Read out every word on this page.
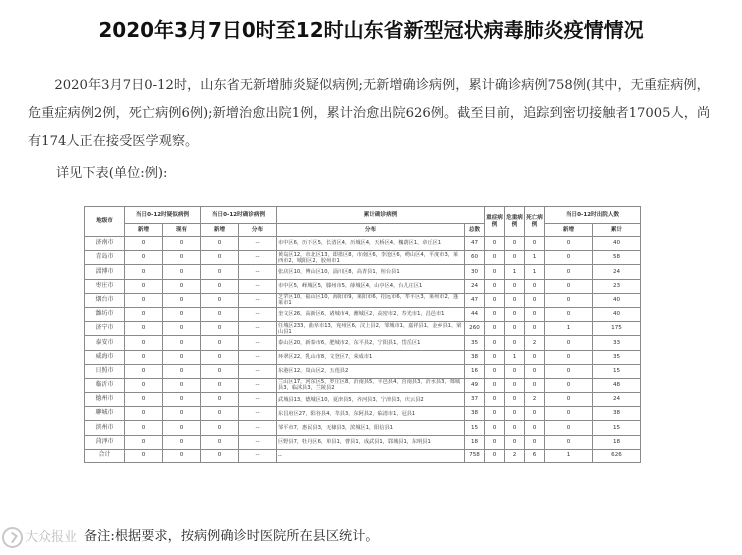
2020年3月7日0时至12时山东省新型冠状病毒肺炎疫情情况
2020年3月7日0-12时，山东省无新增肺炎疑似病例;无新增确诊病例，累计确诊病例758例(其中，无重症病例，危重症病例2例，死亡病例6例);新增治愈出院1例，累计治愈出院626例。截至目前，追踪到密切接触者17005人，尚有174人正在接受医学观察。
详见下表(单位:例):
地级市	当日0-12时疑似病例		当日0-12时确诊病例		累计确诊病例		重症病例	危重病例	死亡病例	当日0-12时出院人数	
	新增	现有	新增	分布	分布	总数				新增	累计
济南市	0	0	0	--	市中区6，历下区5，长清区4，历城区4，天桥区4，槐荫区1，章丘区1	47	0	0	0	0	40
青岛市	0	0	0	--	黄岛区12，市北区13，即墨区8，市南区6，李沧区6，崂山区4，平度市3，莱西市2，城阳区2，胶州市1	60	0	0	1	0	58
淄博市	0	0	0	--	张店区10，博山区10，淄川区8，高青县1，桓台县1	30	0	1	1	0	24
枣庄市	0	0	0	--	市中区5，峄城区5，滕州市5，薛城区4，山亭区4，台儿庄区1	24	0	0	0	0	23
烟台市	0	0	0	--	芝罘区10，福山区10，海阳市9，莱阳市6，招远市6，牟平区3，莱州市2，蓬莱市1	47	0	0	0	0	40
潍坊市	0	0	0	--	奎文区26，高新区6，诸城市4，潍城区2，高密市2，寿光市1，昌邑市1	44	0	0	0	0	40
济宁市	0	0	0	--	任城区233，曲阜市13，兖州区6，汶上县2，邹城市1，嘉祥县1，金乡县1，梁山县1	260	0	0	0	1	175
泰安市	0	0	0	--	泰山区20，新泰市6，肥城市2，东平县2，宁阳县1，岱岳区1	35	0	0	2	0	33
威海市	0	0	0	--	环翠区22，乳山市8，文登区7，荣成市1	38	0	1	0	0	35
日照市	0	0	0	--	东港区12，岚山区2，五莲县2	16	0	0	0	0	15
临沂市	0	0	0	--	兰山区17，河东区5，罗庄区8，沂南县5，平邑县4，莒南县3，沂水县3，郯城县3，临沭县3，兰陵县2	49	0	0	0	0	48
德州市	0	0	0	--	武城县13，德城区10，夏津县5，齐河县3，宁津县3，庆云县2	37	0	0	2	0	24
聊城市	0	0	0	--	东昌府区27，阳谷县4，莘县3，东阿县2，临清市1，冠县1	38	0	0	0	0	38
滨州市	0	0	0	--	邹平市7，惠民县3，无棣县3，滨城区1，阳信县1	15	0	0	0	0	15
菏泽市	0	0	0	--	巨野县7，牡丹区6，单县1，曹县1，成武县1，郓城县1，东明县1	18	0	0	0	0	18
合计	0	0	0	--	--	758	0	2	6	1	626
大众报业 备注:根据要求，按病例确诊时医院所在县区统计。
